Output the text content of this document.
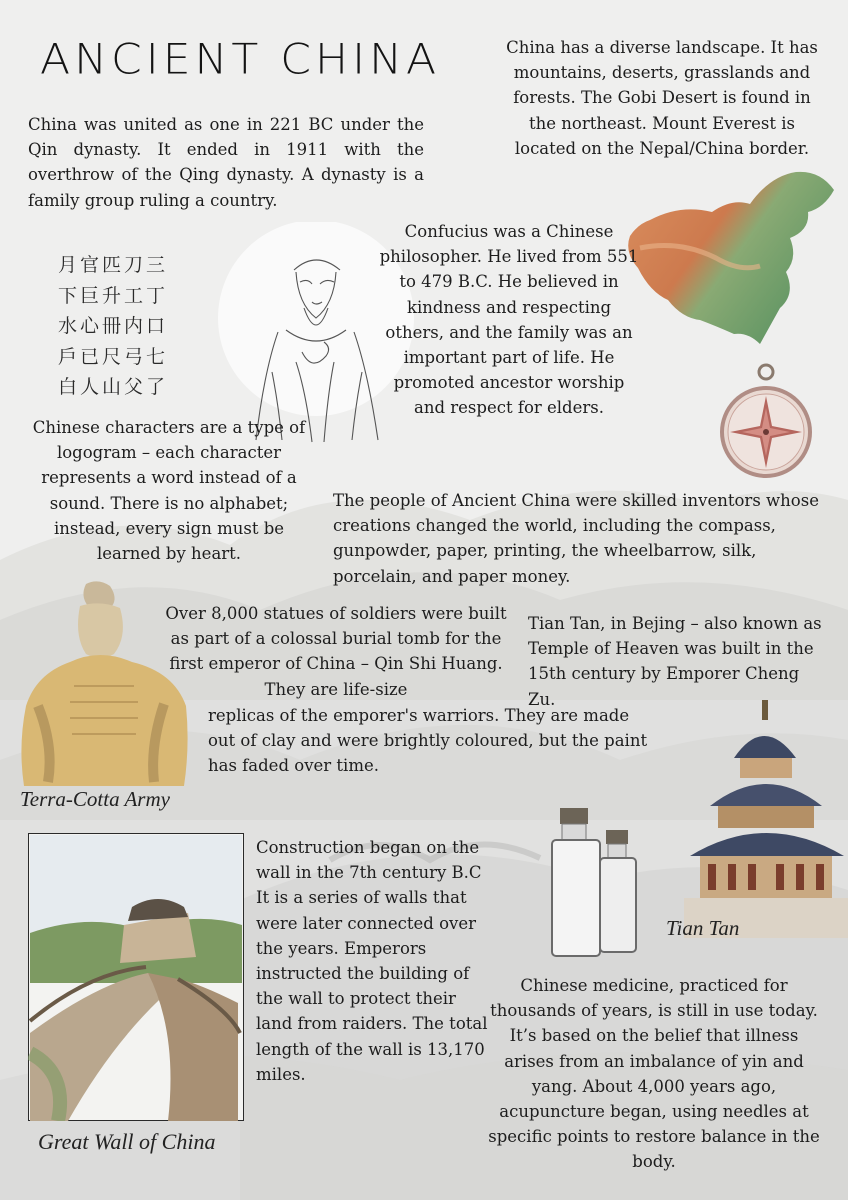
ANCIENT CHINA

China was united as one in 221 BC under the Qin dynasty. It ended in 1911 with the overthrow of the Qing dynasty. A dynasty is a family group ruling a country.

China has a diverse landscape. It has mountains, deserts, grasslands and forests. The Gobi Desert is found in the northeast. Mount Everest is located on the Nepal/China border.

Confucius was a Chinese philosopher. He lived from 551 to 479 B.C. He believed in kindness and respecting others, and the family was an important part of life. He promoted ancestor worship and respect for elders.

月官匹刀三
下巨升工丁
水心冊内口
戶已尺弓七
白人山父了

Chinese characters are a type of logogram – each character represents a word instead of a sound. There is no alphabet; instead, every sign must be learned by heart.

The people of Ancient China were skilled inventors whose creations changed the world, including the compass, gunpowder, paper, printing, the wheelbarrow, silk, porcelain, and paper money.

Terra-Cotta Army

Over 8,000 statues of soldiers were built as part of a colossal burial tomb for the first emperor of China – Qin Shi Huang. They are life-size

replicas of the emporer's warriors. They are made out of clay and were brightly coloured, but the paint has faded over time.

Tian Tan, in Bejing – also known as Temple of Heaven was built in the 15th century by Emporer Cheng Zu.

Tian Tan
Great Wall of China

Construction began on the wall in the 7th century B.C It is a series of walls that were later connected over the years. Emperors instructed the building of the wall to protect their land from raiders. The total length of the wall is 13,170 miles.

Chinese medicine, practiced for thousands of years, is still in use today. It’s based on the belief that illness arises from an imbalance of yin and yang. About 4,000 years ago, acupuncture began, using needles at specific points to restore balance in the body.
